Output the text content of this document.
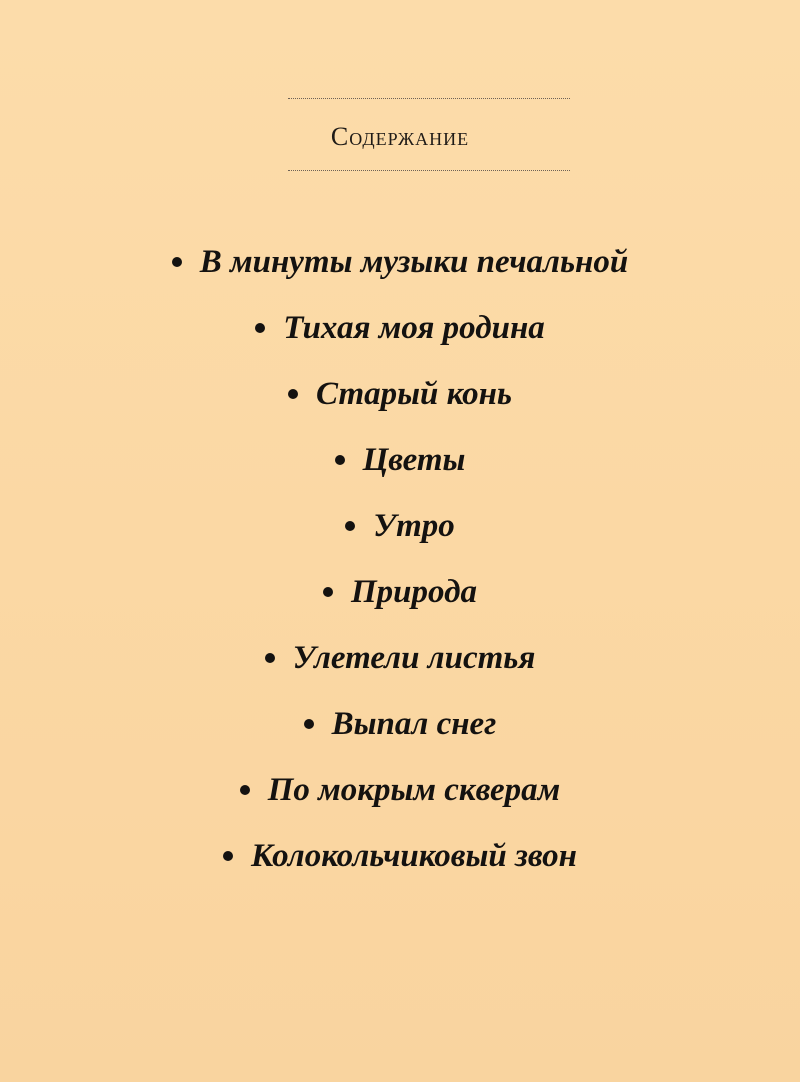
Содержание
В минуты музыки печальной
Тихая моя родина
Старый конь
Цветы
Утро
Природа
Улетели листья
Выпал снег
По мокрым скверам
Колокольчиковый звон
